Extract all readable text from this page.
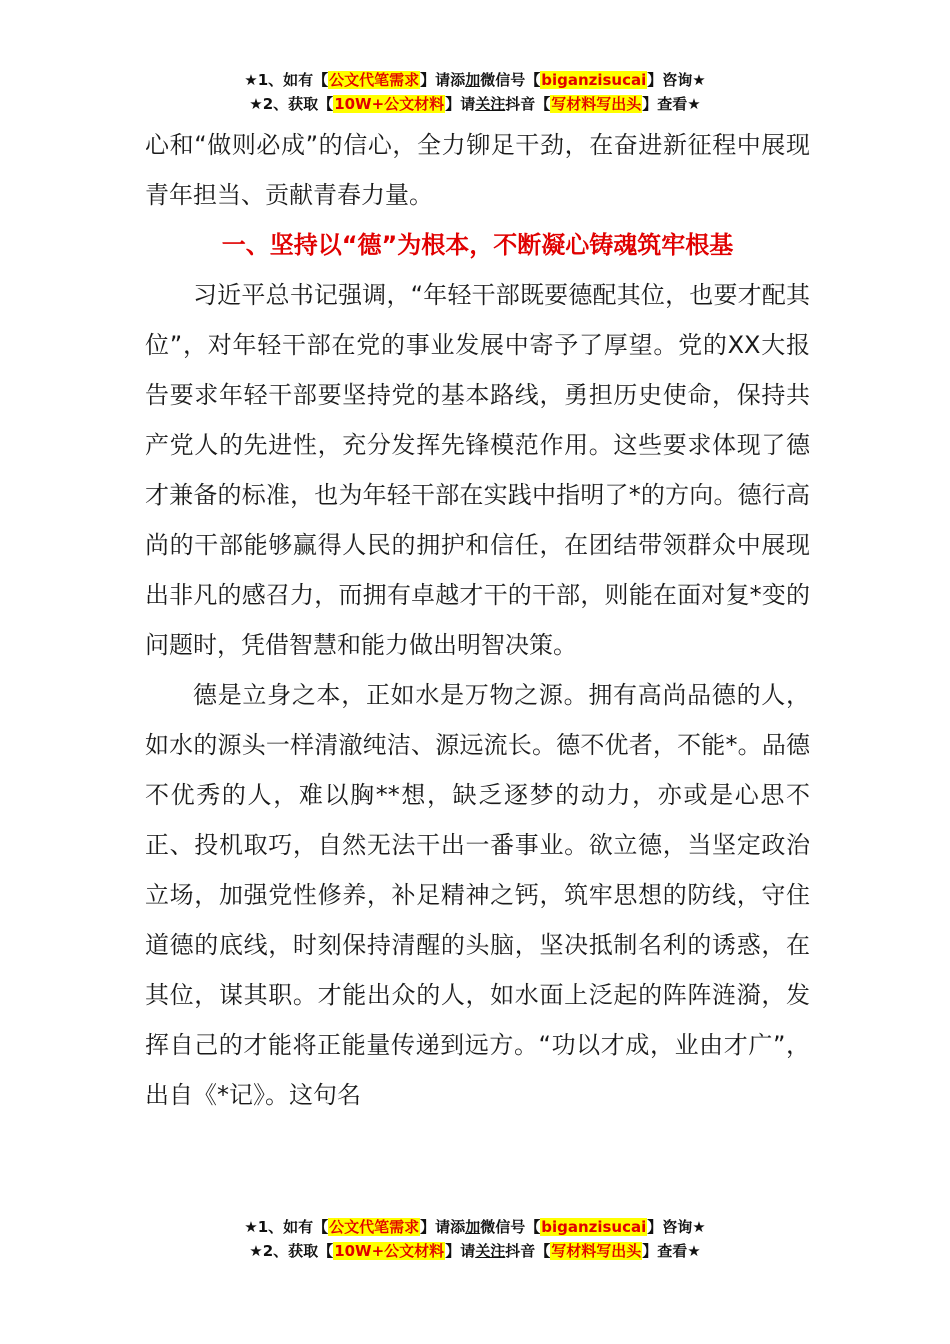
★1、如有【公文代笔需求】请添加微信号【biganzisucai】咨询★
★2、获取【10W+公文材料】请关注抖音【写材料写出头】查看★

心和“做则必成”的信心，全力铆足干劲，在奋进新征程中展现青年担当、贡献青春力量。

一、坚持以“德”为根本，不断凝心铸魂筑牢根基

习近平总书记强调，“年轻干部既要德配其位，也要才配其位”，对年轻干部在党的事业发展中寄予了厚望。党的XX大报告要求年轻干部要坚持党的基本路线，勇担历史使命，保持共产党人的先进性，充分发挥先锋模范作用。这些要求体现了德才兼备的标准，也为年轻干部在实践中指明了*的方向。德行高尚的干部能够赢得人民的拥护和信任，在团结带领群众中展现出非凡的感召力，而拥有卓越才干的干部，则能在面对复*变的问题时，凭借智慧和能力做出明智决策。

德是立身之本，正如水是万物之源。拥有高尚品德的人，如水的源头一样清澈纯洁、源远流长。德不优者，不能*。品德不优秀的人，难以胸**想，缺乏逐梦的动力，亦或是心思不正、投机取巧，自然无法干出一番事业。欲立德，当坚定政治立场，加强党性修养，补足精神之钙，筑牢思想的防线，守住道德的底线，时刻保持清醒的头脑，坚决抵制名利的诱惑，在其位，谋其职。才能出众的人，如水面上泛起的阵阵涟漪，发挥自己的才能将正能量传递到远方。“功以才成，业由才广”，出自《*记》。这句名

★1、如有【公文代笔需求】请添加微信号【biganzisucai】咨询★
★2、获取【10W+公文材料】请关注抖音【写材料写出头】查看★
